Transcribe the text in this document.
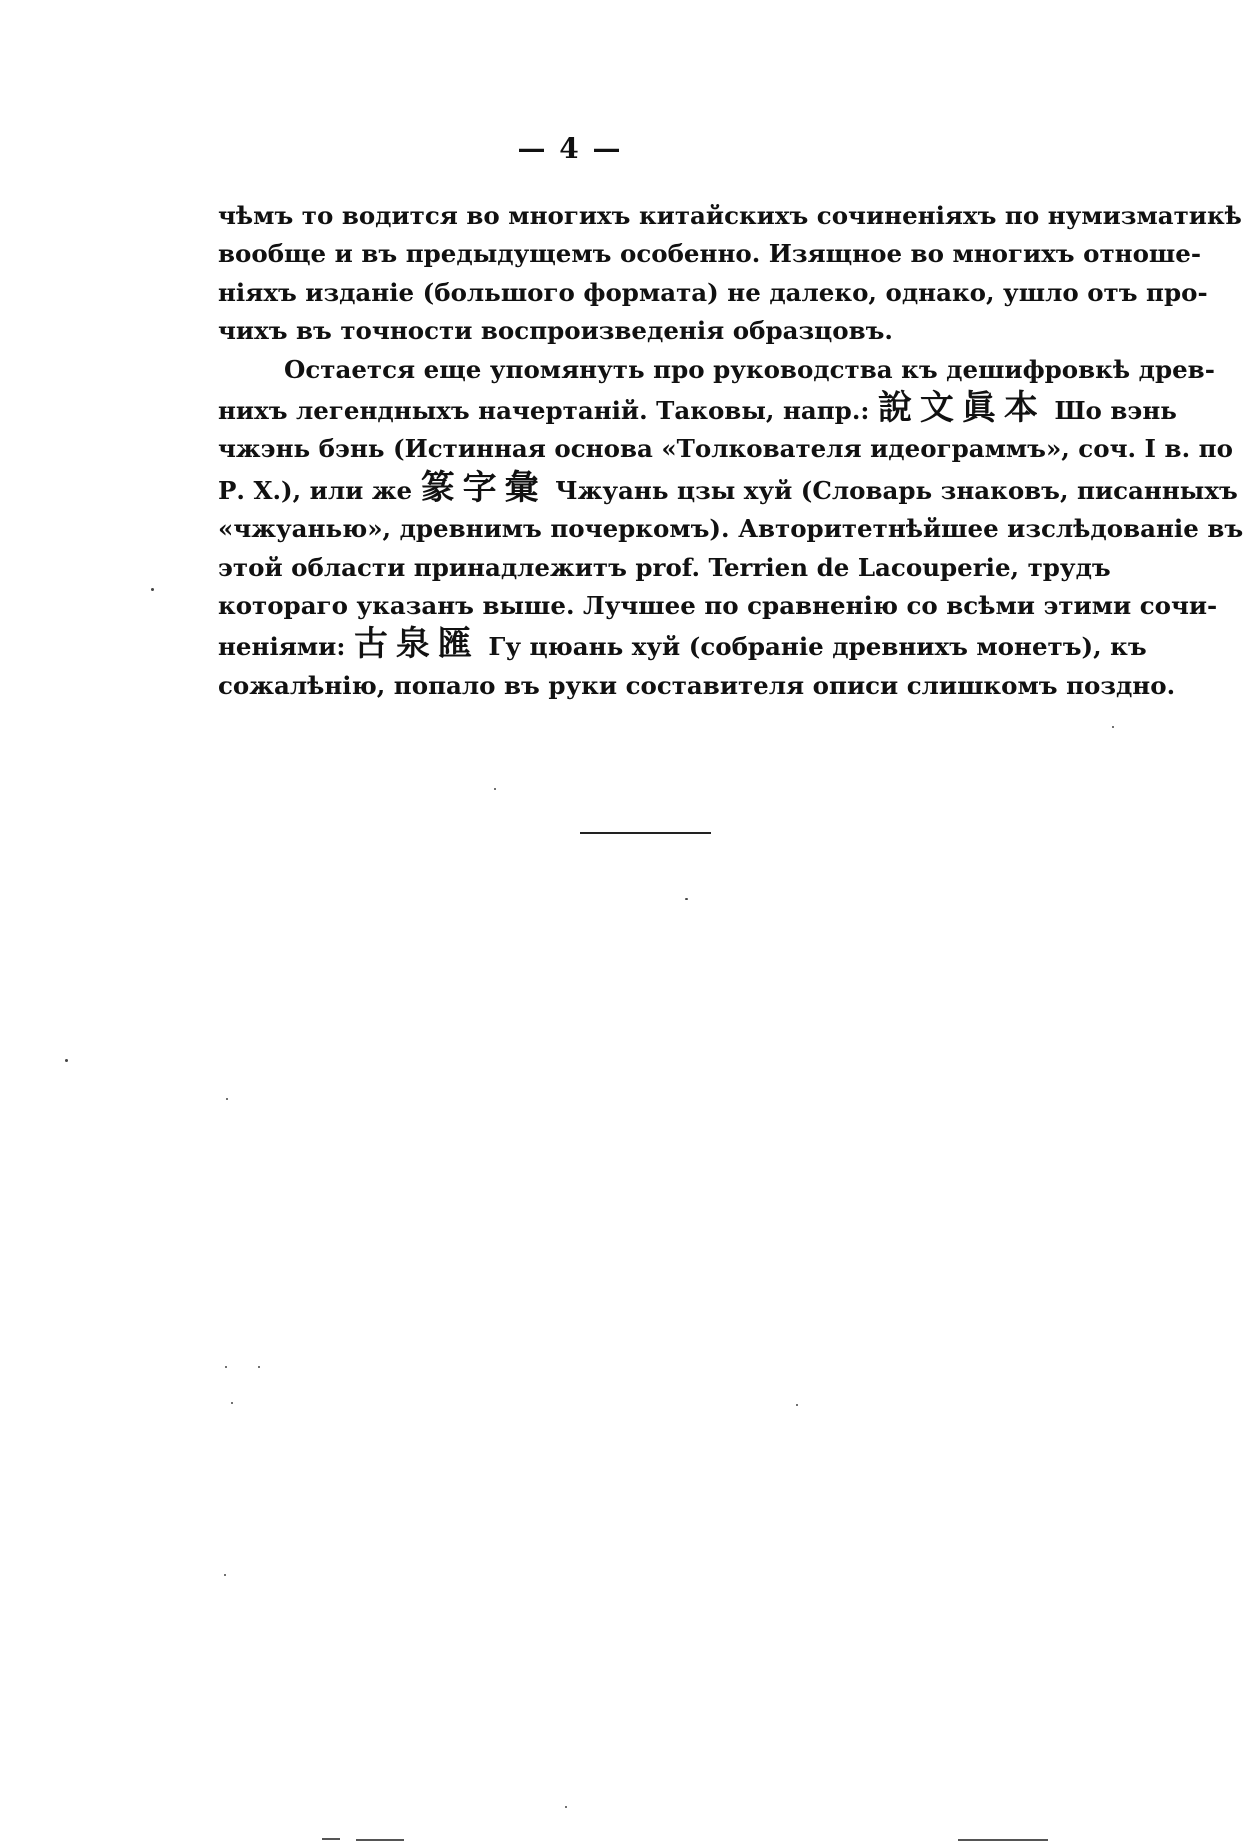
— 4 —
чѣмъ то водится во многихъ китайскихъ сочиненіяхъ по нумизматикѣ
вообще и въ предыдущемъ особенно. Изящное во многихъ отноше-
ніяхъ изданіе (большого формата) не далеко, однако, ушло отъ про-
чихъ въ точности воспроизведенія образцовъ.
Остается еще упомянуть про руководства къ дешифровкѣ древ-
нихъ легендныхъ начертаній. Таковы, напр.: 說文眞本 Шо вэнь
чжэнь бэнь (Истинная основа «Толкователя идеограммъ», соч. I в. по
Р. Х.), или же 篆字彙 Чжуань цзы хуй (Словарь знаковъ, писанныхъ
«чжуанью», древнимъ почеркомъ). Авторитетнѣйшее изслѣдованіе въ
этой области принадлежитъ prof. Terrien de Lacouperie, трудъ
котораго указанъ выше. Лучшее по сравненію со всѣми этими сочи-
неніями: 古泉匯 Гу цюань хуй (собраніе древнихъ монетъ), къ
сожалѣнію, попало въ руки составителя описи слишкомъ поздно.
